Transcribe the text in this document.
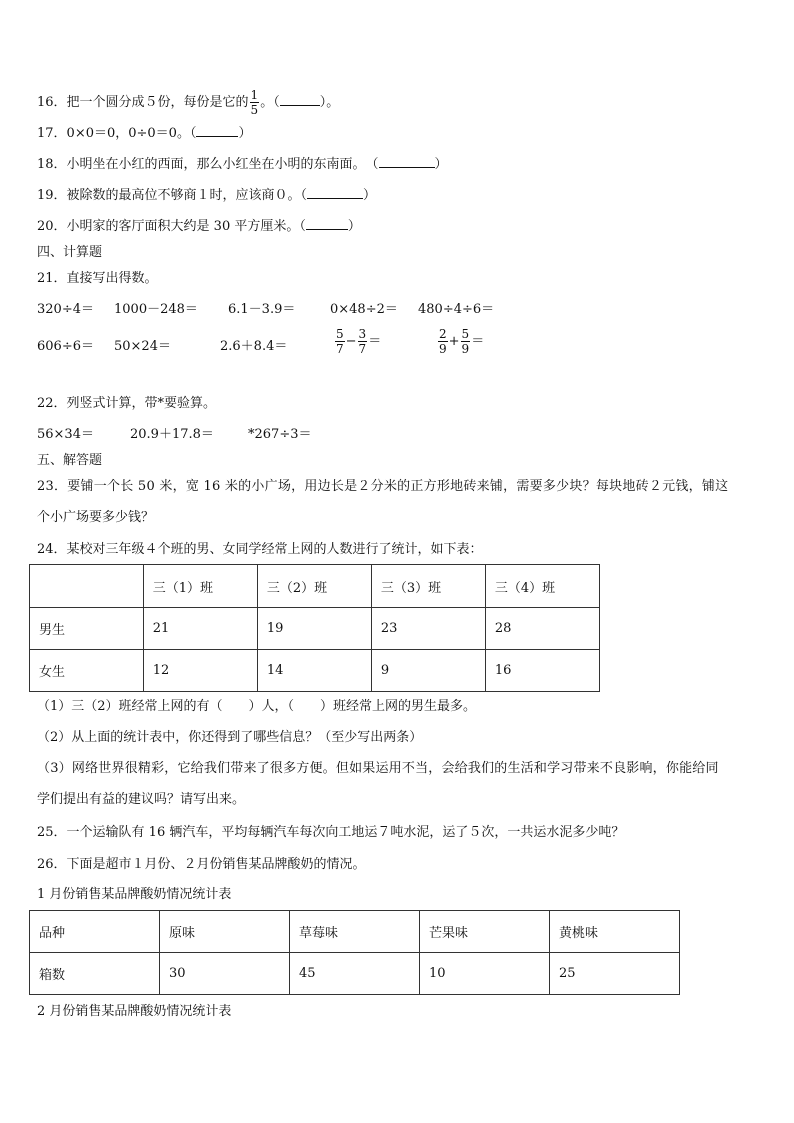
16．把一个圆分成５份，每份是它的 $\frac{1}{5}$ 。（	）。
17．0×0＝0，0÷0＝0。（	）
18．小明坐在小红的西面，那么小红坐在小明的东南面。　（	）
19．被除数的最高位不够商１时，应该商０。（	）
20．小明家的客厅面积大约是 30 平方厘米。（	）
四、计算题
21．直接写出得数。
320÷4＝ 1000－248＝ 6.1－3.9＝	0×48÷2＝ 480÷4÷6＝
606÷6＝ 50×24＝	2.6＋8.4＝	$\frac{5}{7} - \frac{3}{7}$ ＝	$\frac{2}{9} + \frac{5}{9}$ ＝
22．列竖式计算，带*要验算。
56×34＝	20.9＋17.8＝	*267÷3＝
五、解答题
23．要铺一个长 50 米，宽 16 米的小广场，用边长是２分米的正方形地砖来铺，需要多少块？每块地砖２元钱，铺这
个小广场要多少钱？
24．某校对三年级４个班的男、女同学经常上网的人数进行了统计，如下表：
	三（1）班	三（2）班	三（3）班	三（4）班
男生	21	19	23	28
女生	12	14	9	16
（1）三（2）班经常上网的有（　　）人，（　　）班经常上网的男生最多。
（2）从上面的统计表中，你还得到了哪些信息？（至少写出两条）
（3）网络世界很精彩，它给我们带来了很多方便。但如果运用不当，会给我们的生活和学习带来不良影响，你能给同
学们提出有益的建议吗？请写出来。
25．一个运输队有 16 辆汽车，平均每辆汽车每次向工地运７吨水泥，运了５次，一共运水泥多少吨？
26．下面是超市１月份、２月份销售某品牌酸奶的情况。
1 月份销售某品牌酸奶情况统计表
品种	原味	草莓味	芒果味	黄桃味
箱数	30	45	10	25
2 月份销售某品牌酸奶情况统计表
